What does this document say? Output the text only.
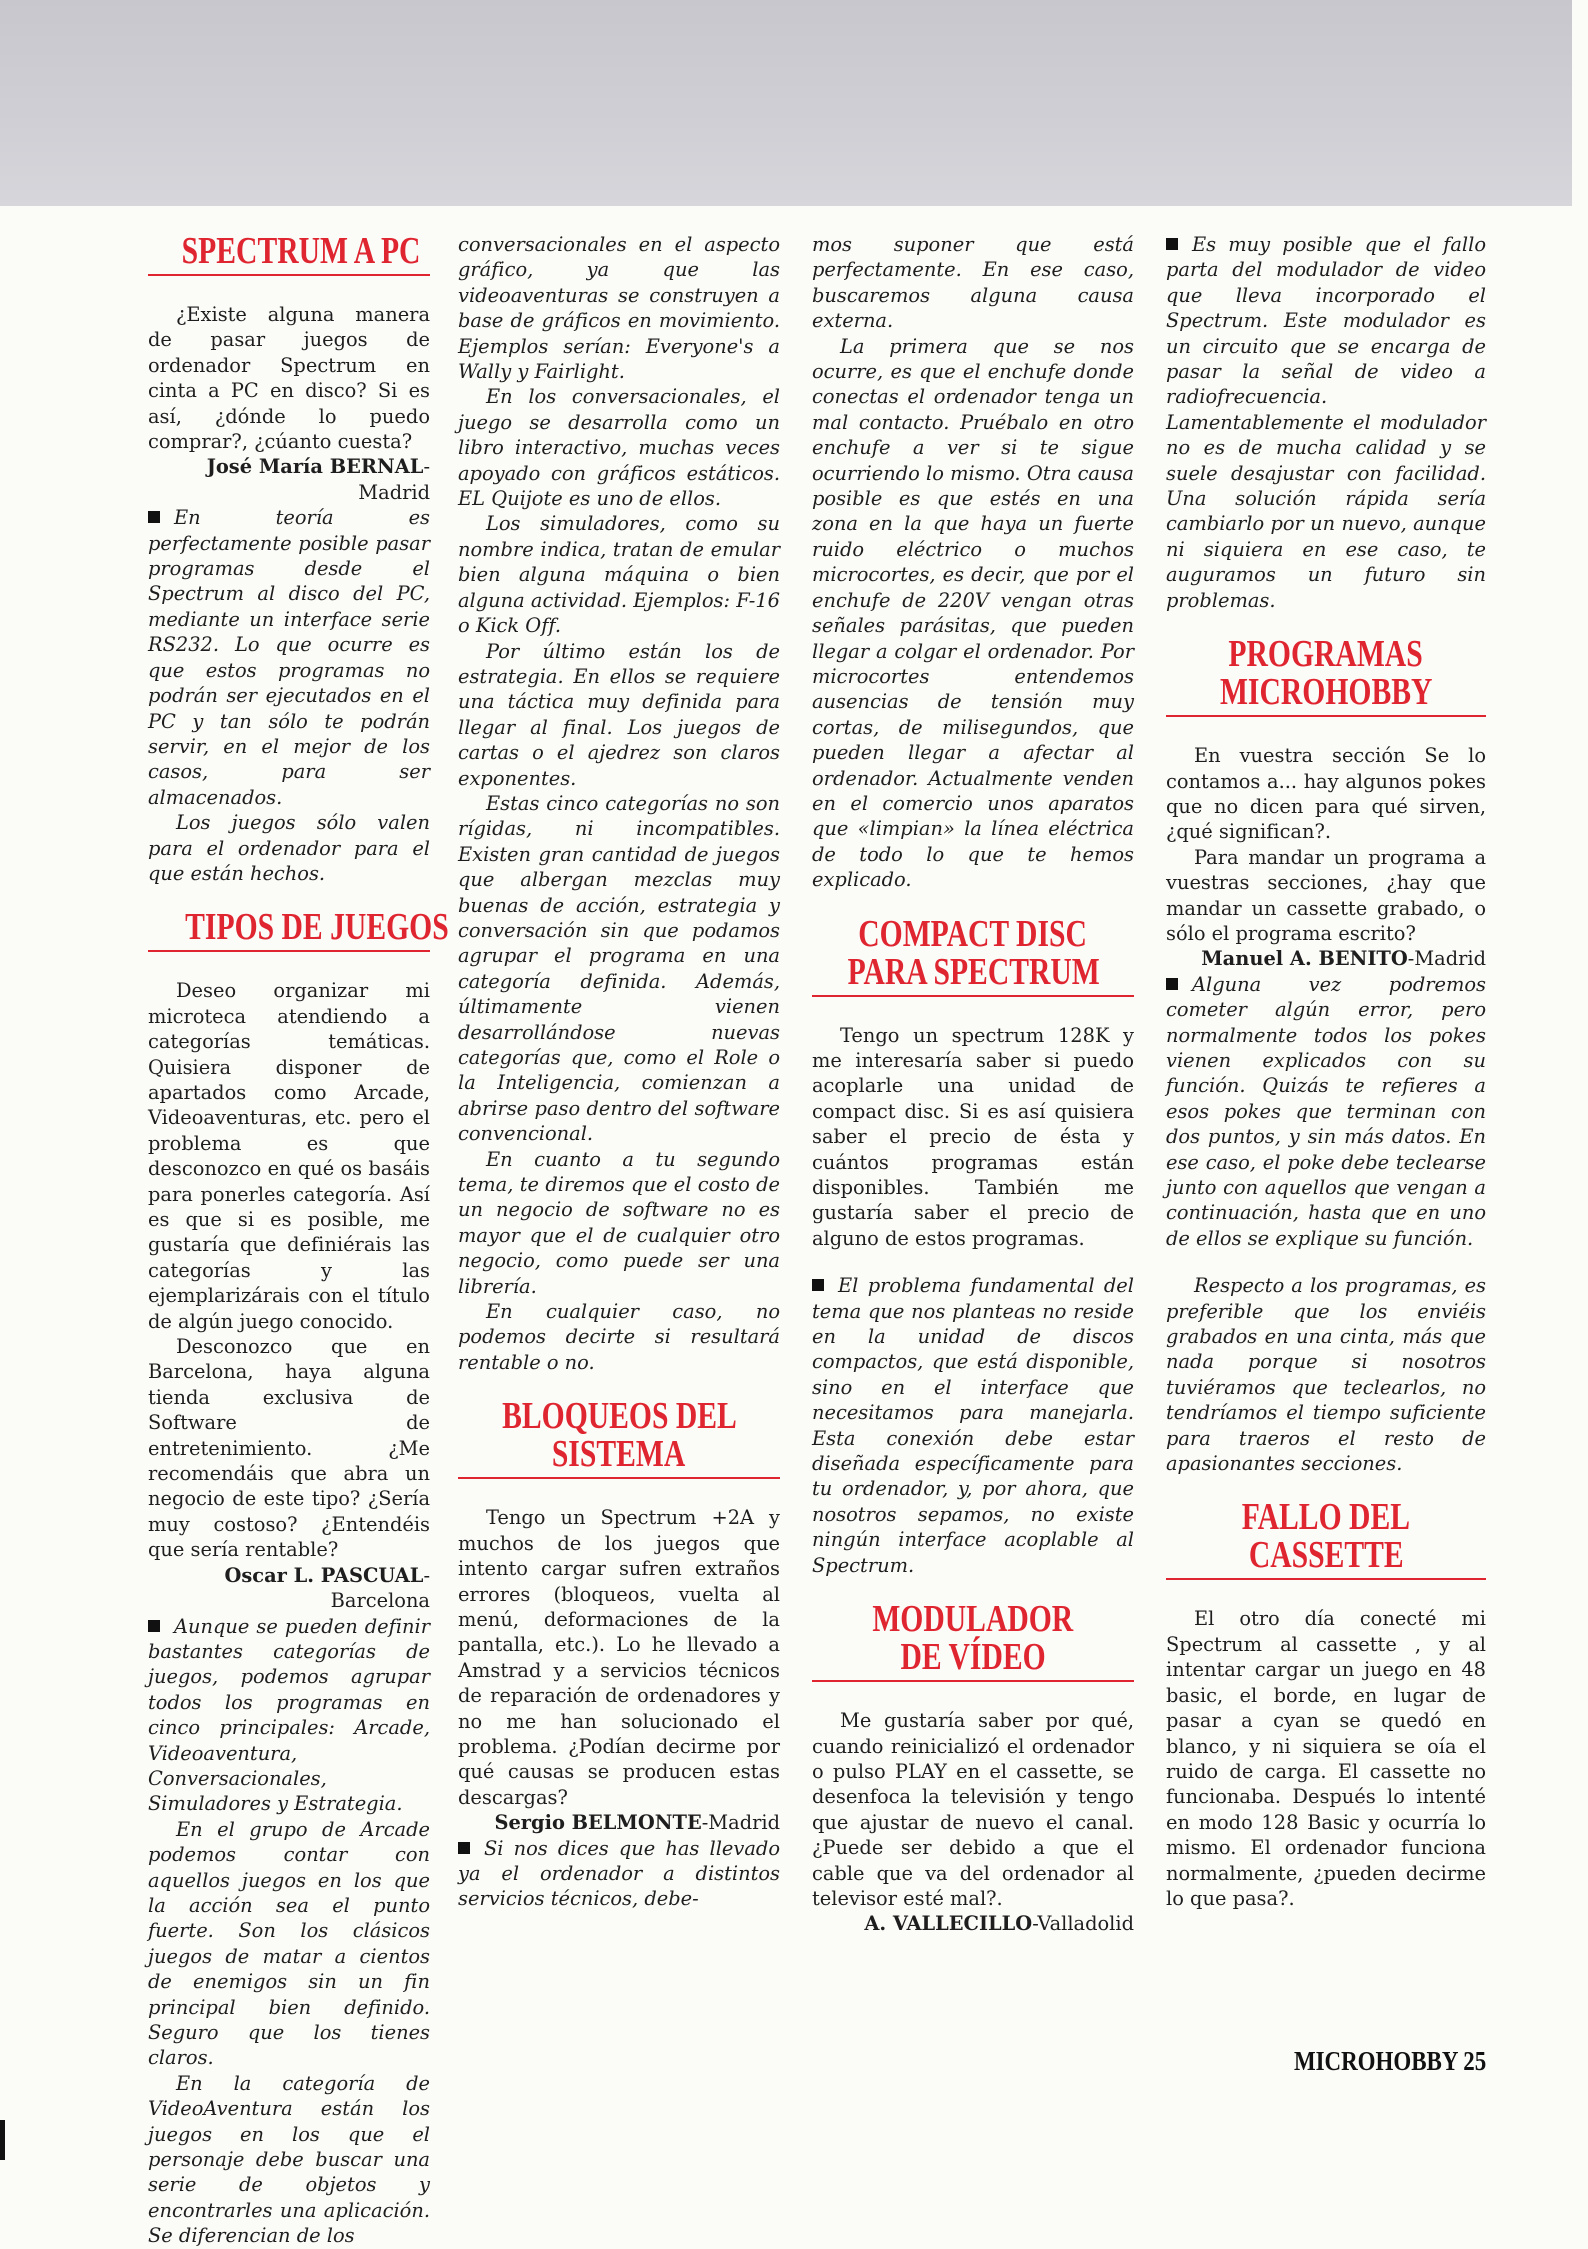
SPECTRUM A PC

¿Existe alguna manera de pasar juegos de ordenador Spectrum en cinta a PC en disco? Si es así, ¿dónde lo puedo comprar?, ¿cúanto cuesta?

José María BERNAL-Madrid

En teoría es perfectamente posible pasar programas desde el Spectrum al disco del PC, mediante un interface serie RS232. Lo que ocurre es que estos programas no podrán ser ejecutados en el PC y tan sólo te podrán servir, en el mejor de los casos, para ser almacenados.

Los juegos sólo valen para el ordenador para el que están hechos.

TIPOS DE JUEGOS

Deseo organizar mi microteca atendiendo a categorías temáticas. Quisiera disponer de apartados como Arcade, Videoaventuras, etc. pero el problema es que desconozco en qué os basáis para ponerles categoría. Así es que si es posible, me gustaría que definiérais las categorías y las ejemplarizárais con el título de algún juego conocido.

Desconozco que en Barcelona, haya alguna tienda exclusiva de Software de entretenimiento. ¿Me recomendáis que abra un negocio de este tipo? ¿Sería muy costoso? ¿Entendéis que sería rentable?

Oscar L. PASCUAL-Barcelona

Aunque se pueden definir bastantes categorías de juegos, podemos agrupar todos los programas en cinco principales: Arcade, Videoaventura, Conversacionales, Simuladores y Estrategia.

En el grupo de Arcade podemos contar con aquellos juegos en los que la acción sea el punto fuerte. Son los clásicos juegos de matar a cientos de enemigos sin un fin principal bien definido. Seguro que los tienes claros.

En la categoría de VideoAventura están los juegos en los que el personaje debe buscar una serie de objetos y encontrarles una aplicación. Se diferencian de los

conversacionales en el aspecto gráfico, ya que las videoaventuras se construyen a base de gráficos en movimiento. Ejemplos serían: Everyone's a Wally y Fairlight.

En los conversacionales, el juego se desarrolla como un libro interactivo, muchas veces apoyado con gráficos estáticos. EL Quijote es uno de ellos.

Los simuladores, como su nombre indica, tratan de emular bien alguna máquina o bien alguna actividad. Ejemplos: F-16 o Kick Off.

Por último están los de estrategia. En ellos se requiere una táctica muy definida para llegar al final. Los juegos de cartas o el ajedrez son claros exponentes.

Estas cinco categorías no son rígidas, ni incompatibles. Existen gran cantidad de juegos que albergan mezclas muy buenas de acción, estrategia y conversación sin que podamos agrupar el programa en una categoría definida. Además, últimamente vienen desarrollándose nuevas categorías que, como el Role o la Inteligencia, comienzan a abrirse paso dentro del software convencional.

En cuanto a tu segundo tema, te diremos que el costo de un negocio de software no es mayor que el de cualquier otro negocio, como puede ser una librería.

En cualquier caso, no podemos decirte si resultará rentable o no.

BLOQUEOS DEL
SISTEMA

Tengo un Spectrum +2A y muchos de los juegos que intento cargar sufren extraños errores (bloqueos, vuelta al menú, deformaciones de la pantalla, etc.). Lo he llevado a Amstrad y a servicios técnicos de reparación de ordenadores y no me han solucionado el problema. ¿Podían decirme por qué causas se producen estas descargas?

Sergio BELMONTE-Madrid

Si nos dices que has llevado ya el ordenador a distintos servicios técnicos, debe-

mos suponer que está perfectamente. En ese caso, buscaremos alguna causa externa.

La primera que se nos ocurre, es que el enchufe donde conectas el ordenador tenga un mal contacto. Pruébalo en otro enchufe a ver si te sigue ocurriendo lo mismo. Otra causa posible es que estés en una zona en la que haya un fuerte ruido eléctrico o muchos microcortes, es decir, que por el enchufe de 220V vengan otras señales parásitas, que pueden llegar a colgar el ordenador. Por microcortes entendemos ausencias de tensión muy cortas, de milisegundos, que pueden llegar a afectar al ordenador. Actualmente venden en el comercio unos aparatos que «limpian» la línea eléctrica de todo lo que te hemos explicado.

COMPACT DISC
PARA SPECTRUM

Tengo un spectrum 128K y me interesaría saber si puedo acoplarle una unidad de compact disc. Si es así quisiera saber el precio de ésta y cuántos programas están disponibles. También me gustaría saber el precio de alguno de estos programas.

El problema fundamental del tema que nos planteas no reside en la unidad de discos compactos, que está disponible, sino en el interface que necesitamos para manejarla. Esta conexión debe estar diseñada específicamente para tu ordenador, y, por ahora, que nosotros sepamos, no existe ningún interface acoplable al Spectrum.

MODULADOR
DE VÍDEO

Me gustaría saber por qué, cuando reinicializó el ordenador o pulso PLAY en el cassette, se desenfoca la televisión y tengo que ajustar de nuevo el canal. ¿Puede ser debido a que el cable que va del ordenador al televisor esté mal?.

A. VALLECILLO-Valladolid

Es muy posible que el fallo parta del modulador de video que lleva incorporado el Spectrum. Este modulador es un circuito que se encarga de pasar la señal de video a radiofrecuencia. Lamentablemente el modulador no es de mucha calidad y se suele desajustar con facilidad. Una solución rápida sería cambiarlo por un nuevo, aunque ni siquiera en ese caso, te auguramos un futuro sin problemas.

PROGRAMAS
MICROHOBBY

En vuestra sección Se lo contamos a... hay algunos pokes que no dicen para qué sirven, ¿qué significan?.

Para mandar un programa a vuestras secciones, ¿hay que mandar un cassette grabado, o sólo el programa escrito?

Manuel A. BENITO-Madrid

Alguna vez podremos cometer algún error, pero normalmente todos los pokes vienen explicados con su función. Quizás te refieres a esos pokes que terminan con dos puntos, y sin más datos. En ese caso, el poke debe teclearse junto con aquellos que vengan a continuación, hasta que en uno de ellos se explique su función.

Respecto a los programas, es preferible que los enviéis grabados en una cinta, más que nada porque si nosotros tuviéramos que teclearlos, no tendríamos el tiempo suficiente para traeros el resto de apasionantes secciones.

FALLO DEL
CASSETTE

El otro día conecté mi Spectrum al cassette , y al intentar cargar un juego en 48 basic, el borde, en lugar de pasar a cyan se quedó en blanco, y ni siquiera se oía el ruido de carga. El cassette no funcionaba. Después lo intenté en modo 128 Basic y ocurría lo mismo. El ordenador funciona normalmente, ¿pueden decirme lo que pasa?.

MICROHOBBY 25
